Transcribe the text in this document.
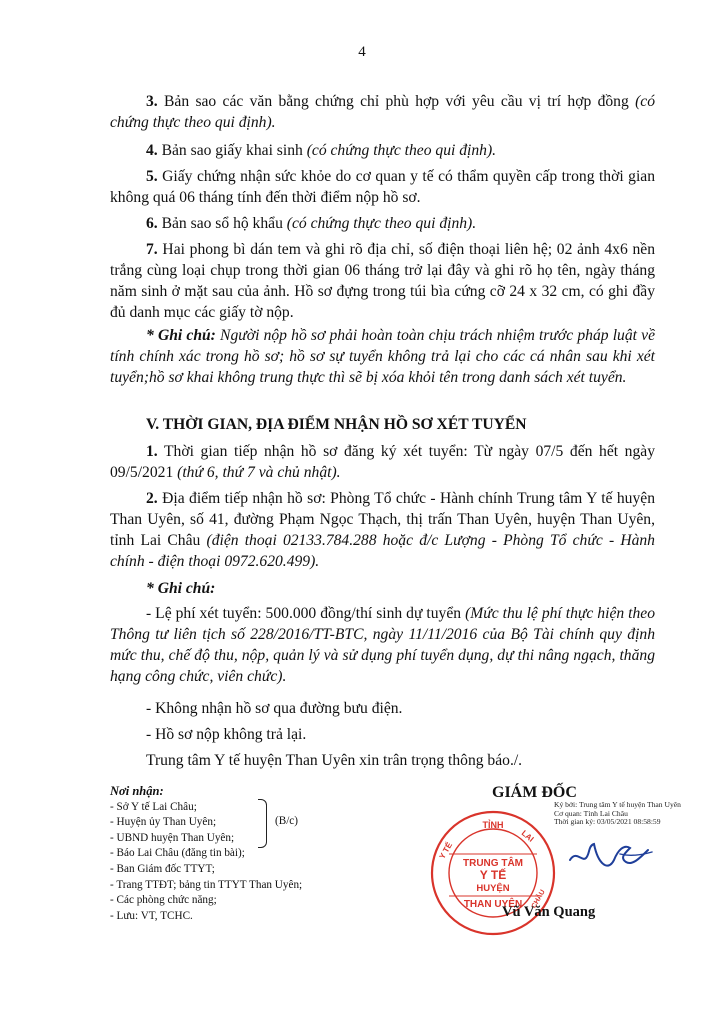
4
3. Bản sao các văn bằng chứng chỉ phù hợp với yêu cầu vị trí hợp đồng (có chứng thực theo qui định).
4. Bản sao giấy khai sinh (có chứng thực theo qui định).
5. Giấy chứng nhận sức khỏe do cơ quan y tế có thẩm quyền cấp trong thời gian không quá 06 tháng tính đến thời điểm nộp hồ sơ.
6. Bản sao sổ hộ khẩu (có chứng thực theo qui định).
7. Hai phong bì dán tem và ghi rõ địa chỉ, số điện thoại liên hệ; 02 ảnh 4x6 nền trắng cùng loại chụp trong thời gian 06 tháng trở lại đây và ghi rõ họ tên, ngày tháng năm sinh ở mặt sau của ảnh. Hồ sơ đựng trong túi bìa cứng cỡ 24 x 32 cm, có ghi đầy đủ danh mục các giấy tờ nộp.
* Ghi chú: Người nộp hồ sơ phải hoàn toàn chịu trách nhiệm trước pháp luật về tính chính xác trong hồ sơ; hồ sơ sự tuyển không trả lại cho các cá nhân sau khi xét tuyển;hồ sơ khai không trung thực thì sẽ bị xóa khỏi tên trong danh sách xét tuyển.
V. THỜI GIAN, ĐỊA ĐIỂM NHẬN HỒ SƠ XÉT TUYỂN
1. Thời gian tiếp nhận hồ sơ đăng ký xét tuyển: Từ ngày 07/5 đến hết ngày 09/5/2021 (thứ 6, thứ 7 và chủ nhật).
2. Địa điểm tiếp nhận hồ sơ: Phòng Tổ chức - Hành chính Trung tâm Y tế huyện Than Uyên, số 41, đường Phạm Ngọc Thạch, thị trấn Than Uyên, huyện Than Uyên, tỉnh Lai Châu (điện thoại 02133.784.288 hoặc đ/c Lượng - Phòng Tổ chức - Hành chính - điện thoại 0972.620.499).
* Ghi chú:
- Lệ phí xét tuyển: 500.000 đồng/thí sinh dự tuyển (Mức thu lệ phí thực hiện theo Thông tư liên tịch số 228/2016/TT-BTC, ngày 11/11/2016 của Bộ Tài chính quy định mức thu, chế độ thu, nộp, quản lý và sử dụng phí tuyển dụng, dự thi nâng ngạch, thăng hạng công chức, viên chức).
- Không nhận hồ sơ qua đường bưu điện.
- Hồ sơ nộp không trả lại.
Trung tâm Y tế huyện Than Uyên xin trân trọng thông báo./.
Nơi nhận:
- Sở Y tế Lai Châu;
- Huyện ủy Than Uyên;
- UBND huyện Than Uyên;
- Báo Lai Châu (đăng tin bài);
- Ban Giám đốc TTYT;
- Trang TTĐT; bảng tin TTYT Than Uyên;
- Các phòng chức năng;
- Lưu: VT, TCHC.
(B/c)
GIÁM ĐỐC
Ký bởi: Trung tâm Y tế huyện Than Uyên
Cơ quan: Tỉnh Lai Châu
Thời gian ký: 03/05/2021 08:58:59
TỈNH
LAI
Y TẾ
TRUNG TÂM
Y TẾ
HUYỆN
THAN UYÊN CHÂU
Vũ Văn Quang
